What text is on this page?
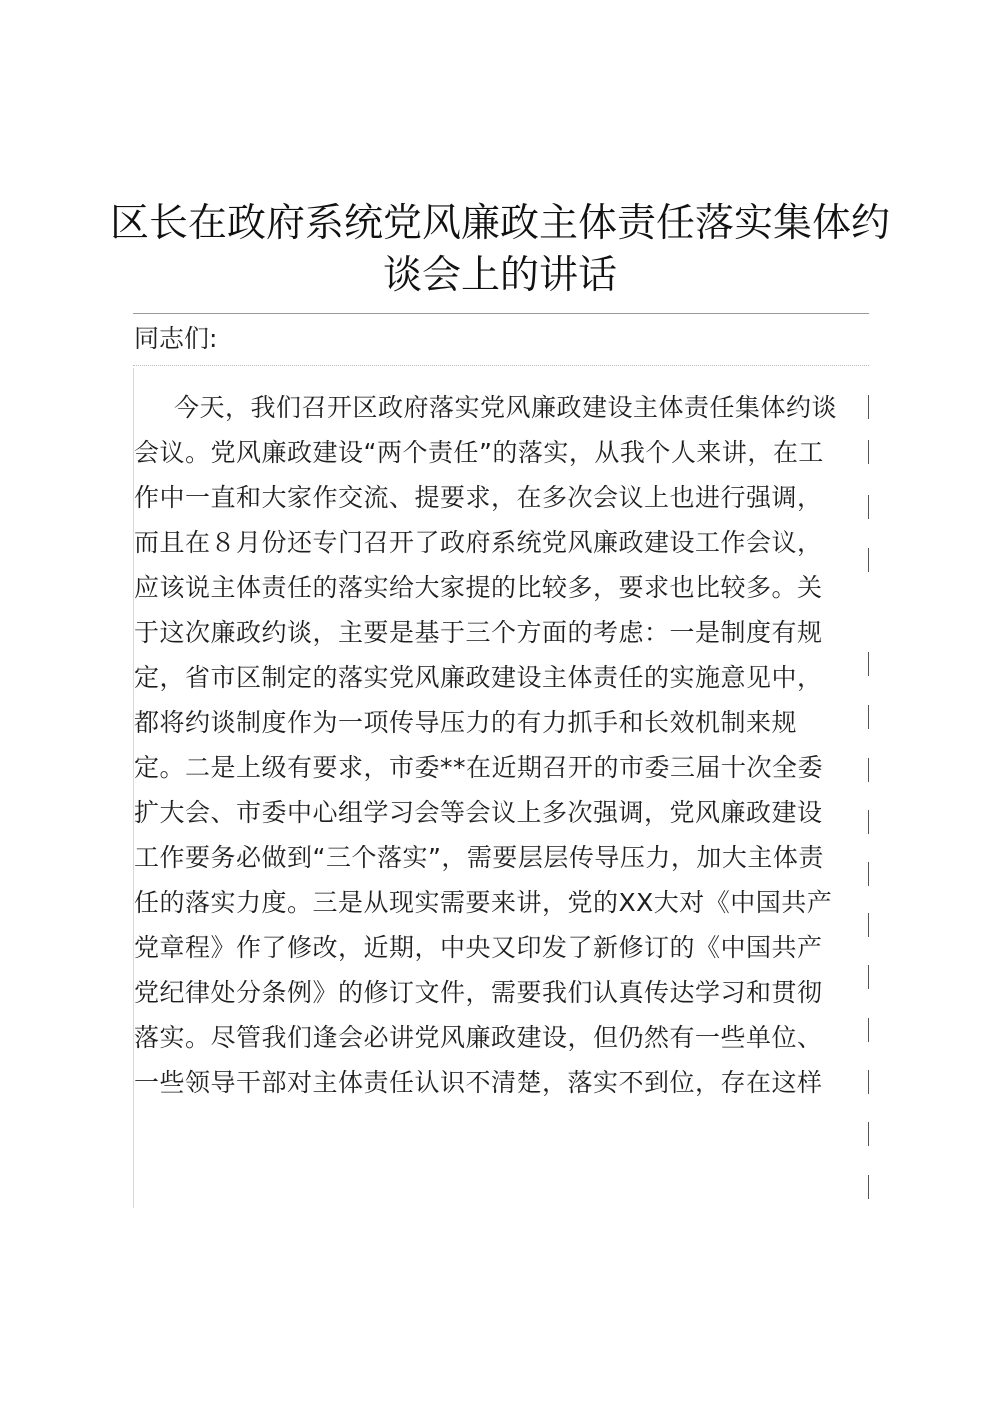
区长在政府系统党风廉政主体责任落实集体约
谈会上的讲话
同志们:
今天，我们召开区政府落实党风廉政建设主体责任集体约谈
会议。党风廉政建设“两个责任”的落实，从我个人来讲，在工
作中一直和大家作交流、提要求，在多次会议上也进行强调，
而且在８月份还专门召开了政府系统党风廉政建设工作会议，
应该说主体责任的落实给大家提的比较多，要求也比较多。关
于这次廉政约谈，主要是基于三个方面的考虑：一是制度有规
定，省市区制定的落实党风廉政建设主体责任的实施意见中，
都将约谈制度作为一项传导压力的有力抓手和长效机制来规
定。二是上级有要求，市委**在近期召开的市委三届十次全委
扩大会、市委中心组学习会等会议上多次强调，党风廉政建设
工作要务必做到“三个落实”，需要层层传导压力，加大主体责
任的落实力度。三是从现实需要来讲，党的XX大对《中国共产
党章程》作了修改，近期，中央又印发了新修订的《中国共产
党纪律处分条例》的修订文件，需要我们认真传达学习和贯彻
落实。尽管我们逢会必讲党风廉政建设，但仍然有一些单位、
一些领导干部对主体责任认识不清楚，落实不到位，存在这样
